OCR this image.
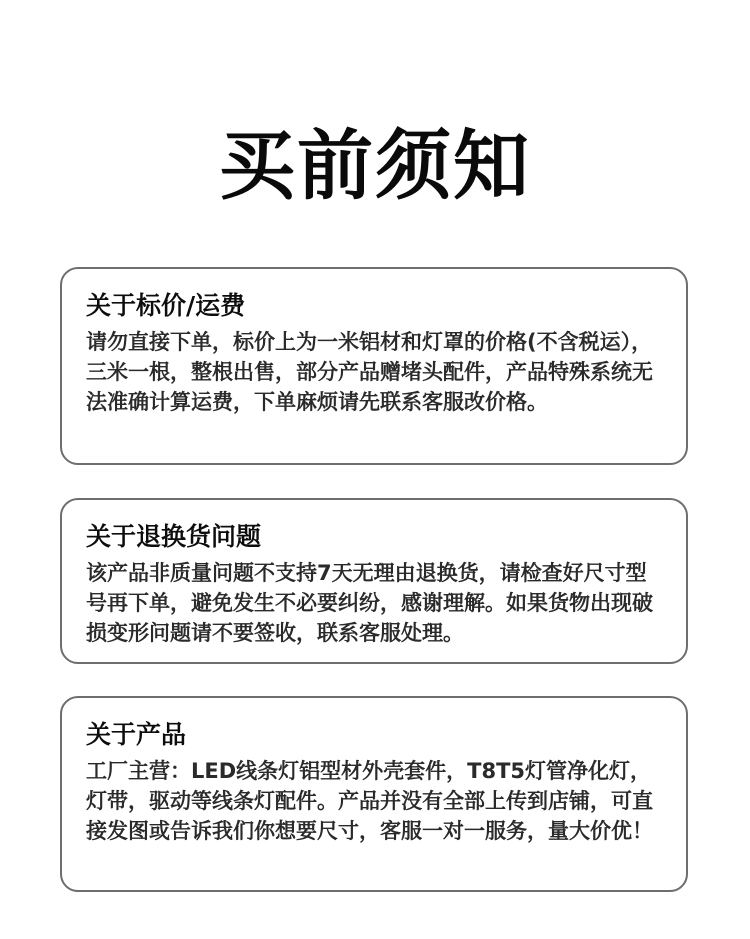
买前须知
关于标价/运费

请勿直接下单，标价上为一米铝材和灯罩的价格(不含税运），三米一根，整根出售，部分产品赠堵头配件，产品特殊系统无法准确计算运费，下单麻烦请先联系客服改价格。

关于退换货问题

该产品非质量问题不支持7天无理由退换货，请检查好尺寸型号再下单，避免发生不必要纠纷，感谢理解。如果货物出现破损变形问题请不要签收，联系客服处理。

关于产品

工厂主营：LED线条灯铝型材外壳套件，T8T5灯管净化灯，灯带，驱动等线条灯配件。产品并没有全部上传到店铺，可直接发图或告诉我们你想要尺寸，客服一对一服务，量大价优！
